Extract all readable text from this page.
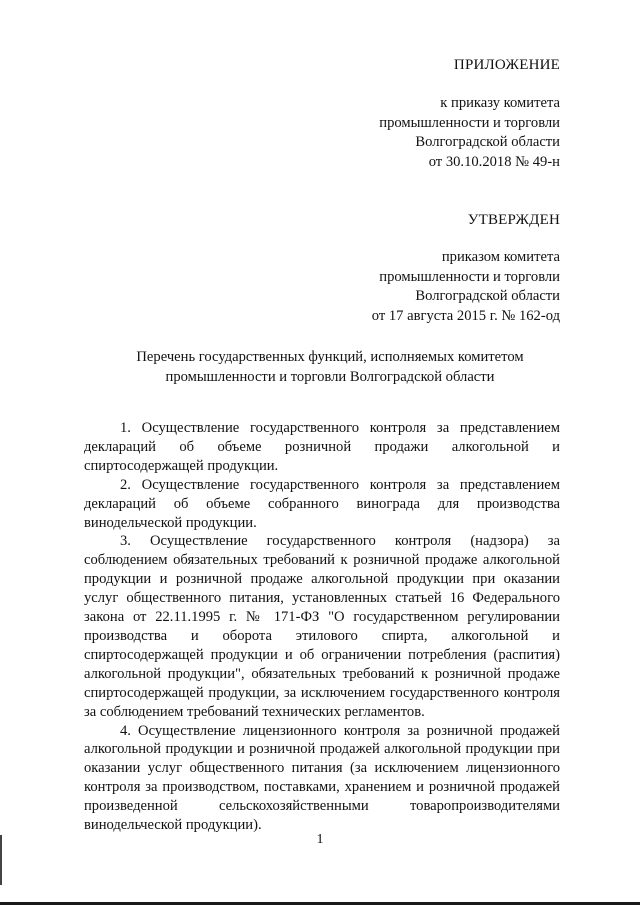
ПРИЛОЖЕНИЕ
к приказу комитета
промышленности и торговли
Волгоградской области
от 30.10.2018 № 49-н
УТВЕРЖДЕН
приказом комитета
промышленности и торговли
Волгоградской области
от 17 августа 2015 г. № 162-од
Перечень государственных функций, исполняемых комитетом
промышленности и торговли Волгоградской области

1. Осуществление государственного контроля за представлением деклараций об объеме розничной продажи алкогольной и спиртосодержащей продукции.

2. Осуществление государственного контроля за представлением деклараций об объеме собранного винограда для производства винодельческой продукции.

3. Осуществление государственного контроля (надзора) за соблюдением обязательных требований к розничной продаже алкогольной продукции и розничной продаже алкогольной продукции при оказании услуг общественного питания, установленных статьей 16 Федерального закона от 22.11.1995 г. № 171-ФЗ "О государственном регулировании производства и оборота этилового спирта, алкогольной и спиртосодержащей продукции и об ограничении потребления (распития) алкогольной продукции", обязательных требований к розничной продаже спиртосодержащей продукции, за исключением государственного контроля за соблюдением требований технических регламентов.

4. Осуществление лицензионного контроля за розничной продажей алкогольной продукции и розничной продажей алкогольной продукции при оказании услуг общественного питания (за исключением лицензионного контроля за производством, поставками, хранением и розничной продажей произведенной сельскохозяйственными товаропроизводителями винодельческой продукции).

1
